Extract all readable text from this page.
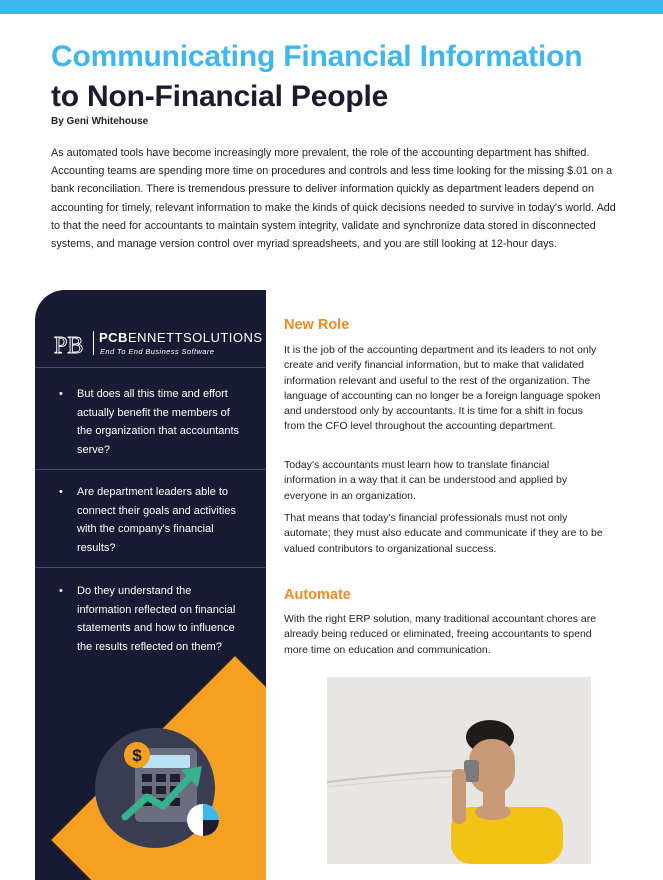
Communicating Financial Information
to Non-Financial People
By Geni Whitehouse

As automated tools have become increasingly more prevalent, the role of the accounting department has shifted. Accounting teams are spending more time on procedures and controls and less time looking for the missing $.01 on a bank reconciliation. There is tremendous pressure to deliver information quickly as department leaders depend on accounting for timely, relevant information to make the kinds of quick decisions needed to survive in today's world. Add to that the need for accountants to maintain system integrity, validate and synchronize data stored in disconnected systems, and manage version control over myriad spreadsheets, and you are still looking at 12-hour days.

PB PCBENNETTSOLUTIONS
End To End Business Software
• But does all this time and effort actually benefit the members of the organization that accountants serve?
• Are department leaders able to connect their goals and activities with the company's financial results?
• Do they understand the information reflected on financial statements and how to influence the results reflected on them?
$
New Role

It is the job of the accounting department and its leaders to not only create and verify financial information, but to make that validated information relevant and useful to the rest of the organization. The language of accounting can no longer be a foreign language spoken and understood only by accountants. It is time for a shift in focus from the CFO level throughout the accounting department.

Today's accountants must learn how to translate financial information in a way that it can be understood and applied by everyone in an organization.

That means that today's financial professionals must not only automate; they must also educate and communicate if they are to be valued contributors to organizational success.

Automate

With the right ERP solution, many traditional accountant chores are already being reduced or eliminated, freeing accountants to spend more time on education and communication.
